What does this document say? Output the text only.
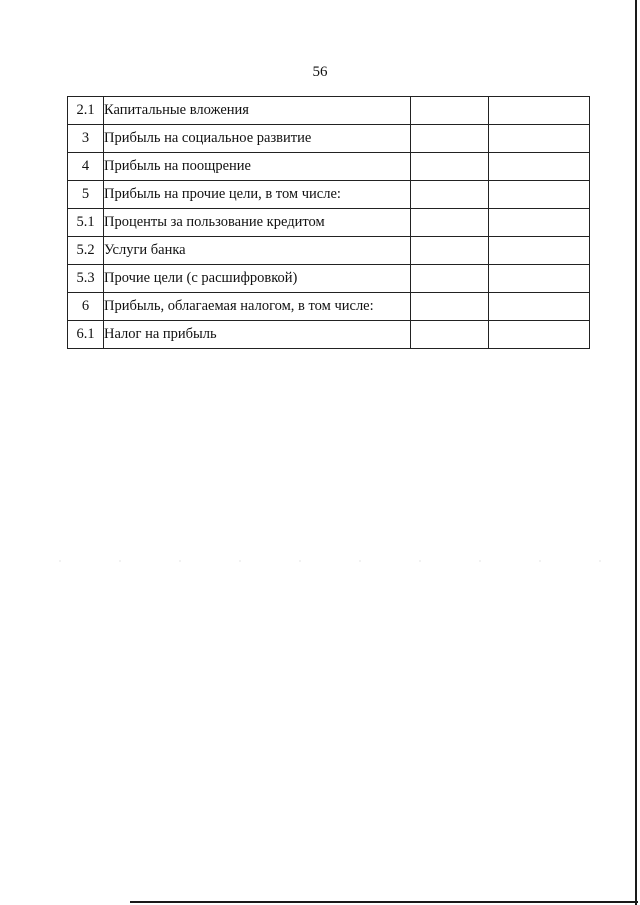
56
2.1	Капитальные вложения		
3	Прибыль на социальное развитие		
4	Прибыль на поощрение		
5	Прибыль на прочие цели, в том числе:		
5.1	Проценты за пользование кредитом		
5.2	Услуги банка		
5.3	Прочие цели (с расшифровкой)		
6	Прибыль, облагаемая налогом, в том числе:		
6.1	Налог на прибыль		
